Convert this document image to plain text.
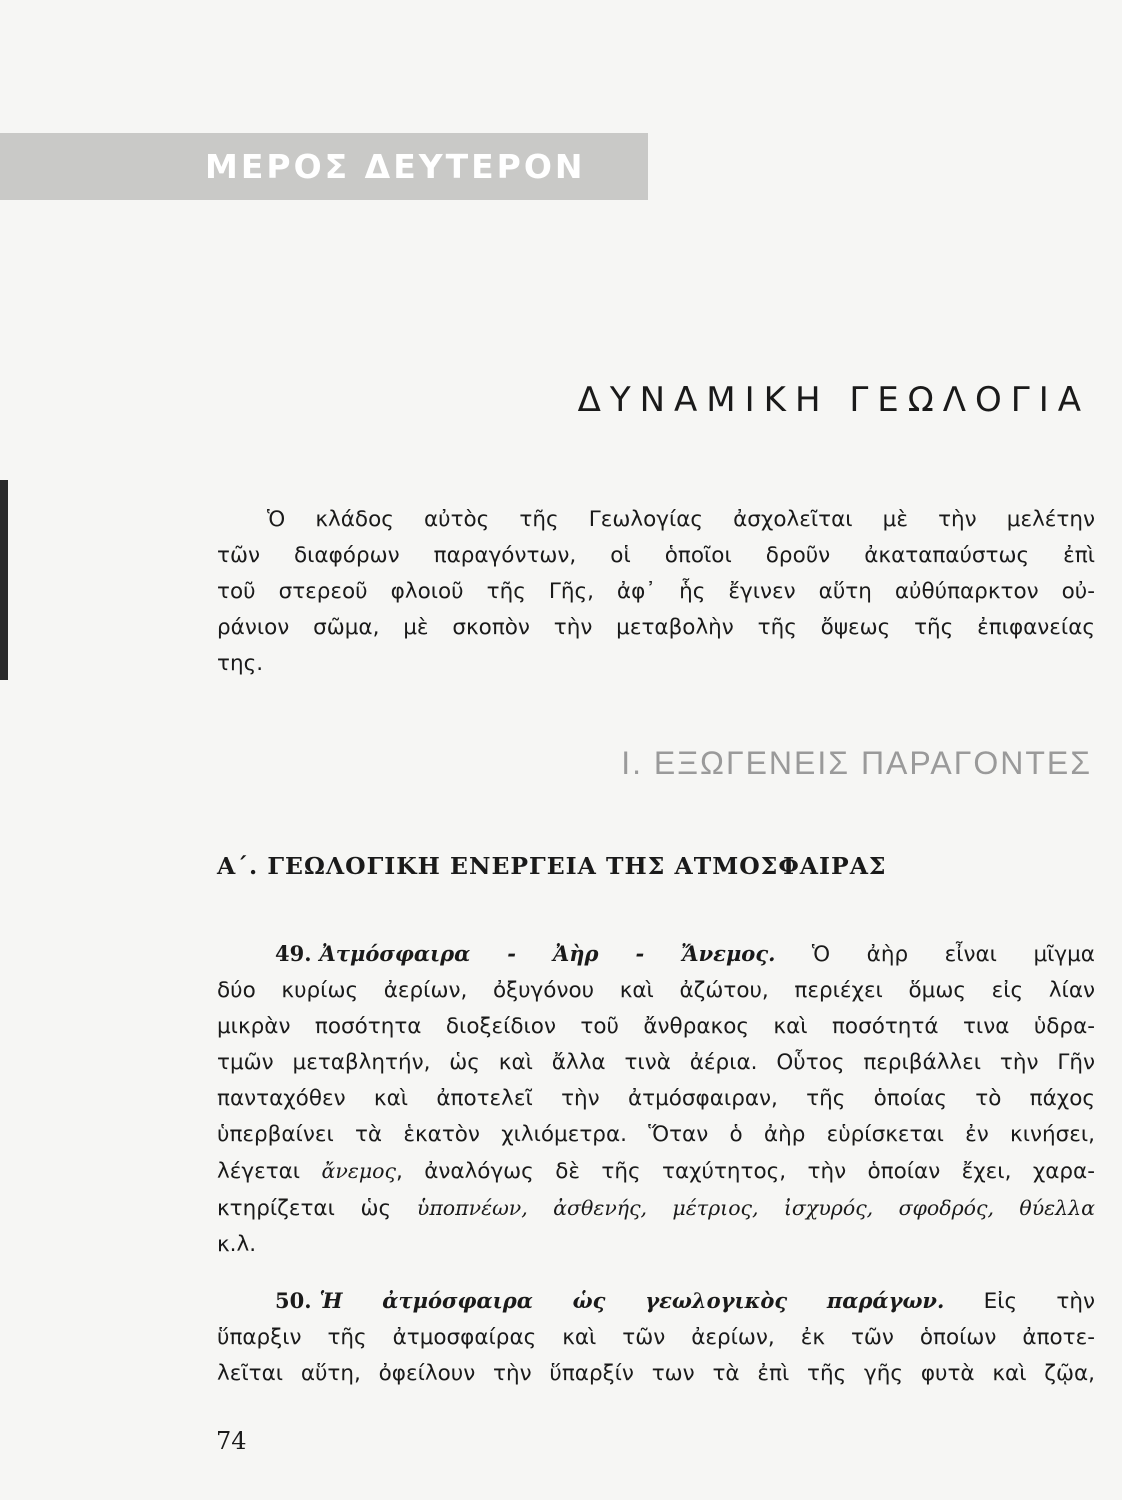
ΜΕΡΟΣ ΔΕΥΤΕΡΟΝ
ΔΥΝΑΜΙΚΗ ΓΕΩΛΟΓΙΑ
Ὁ κλάδος αὐτὸς τῆς Γεωλογίας ἀσχολεῖται μὲ τὴν μελέτην
τῶν διαφόρων παραγόντων, οἱ ὁποῖοι δροῦν ἀκαταπαύστως ἐπὶ
τοῦ στερεοῦ φλοιοῦ τῆς Γῆς, ἀφ᾽ ἧς ἔγινεν αὕτη αὐθύπαρκτον οὐ-
ράνιον σῶμα, μὲ σκοπὸν τὴν μεταβολὴν τῆς ὄψεως τῆς ἐπιφανείας
της.
I. ΕΞΩΓΕΝΕΙΣ ΠΑΡΑΓΟΝΤΕΣ
Α΄. ΓΕΩΛΟΓΙΚΗ ΕΝΕΡΓΕΙΑ ΤΗΣ ΑΤΜΟΣΦΑΙΡΑΣ
49. Ἀτμόσφαιρα - Ἀὴρ - Ἄνεμος. Ὁ ἀὴρ εἶναι μῖγμα
δύο κυρίως ἀερίων, ὀξυγόνου καὶ ἀζώτου, περιέχει ὅμως εἰς λίαν
μικρὰν ποσότητα διοξείδιον τοῦ ἄνθρακος καὶ ποσότητά τινα ὑδρα-
τμῶν μεταβλητήν, ὡς καὶ ἄλλα τινὰ ἀέρια. Οὗτος περιβάλλει τὴν Γῆν
πανταχόθεν καὶ ἀποτελεῖ τὴν ἀτμόσφαιραν, τῆς ὁποίας τὸ πάχος
ὑπερβαίνει τὰ ἑκατὸν χιλιόμετρα. Ὅταν ὁ ἀὴρ εὑρίσκεται ἐν κινήσει,
λέγεται ἄνεμος, ἀναλόγως δὲ τῆς ταχύτητος, τὴν ὁποίαν ἔχει, χαρα-
κτηρίζεται ὡς ὑποπνέων, ἀσθενής, μέτριος, ἰσχυρός, σφοδρός, θύελλα
κ.λ.
50. Ἡ ἀτμόσφαιρα ὡς γεωλογικὸς παράγων. Εἰς τὴν
ὕπαρξιν τῆς ἀτμοσφαίρας καὶ τῶν ἀερίων, ἐκ τῶν ὁποίων ἀποτε-
λεῖται αὕτη, ὀφείλουν τὴν ὕπαρξίν των τὰ ἐπὶ τῆς γῆς φυτὰ καὶ ζῷα,
74
